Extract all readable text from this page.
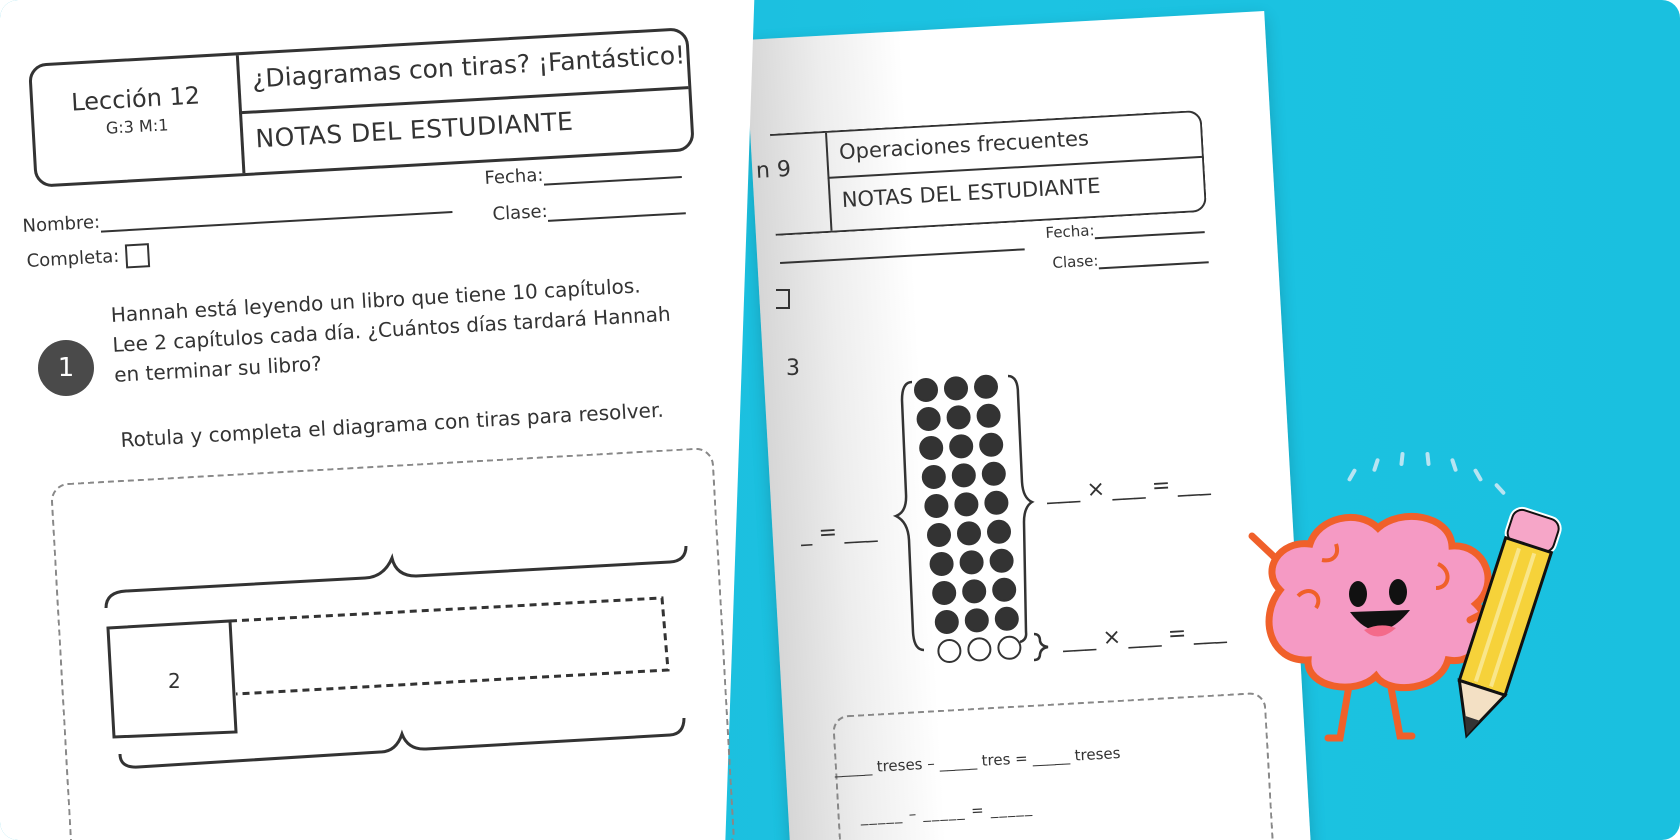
n 9
Operaciones frecuentes
NOTAS DEL ESTUDIANTE
Fecha:
Clase:
3
___ × ___ = ___
___ × ___ = ___
_ = ___
_____ treses – _____ tres = _____ treses
_____ – _____ = _____
Lección 12
G:3 M:1
¿Diagramas con tiras? ¡Fantástico!
NOTAS DEL ESTUDIANTE
Fecha:
Clase:
Nombre:
Completa:
1
Hannah está leyendo un libro que tiene 10 capítulos. Lee 2 capítulos cada día. ¿Cuántos días tardará Hannah en terminar su libro?
Rotula y completa el diagrama con tiras para resolver.
2
